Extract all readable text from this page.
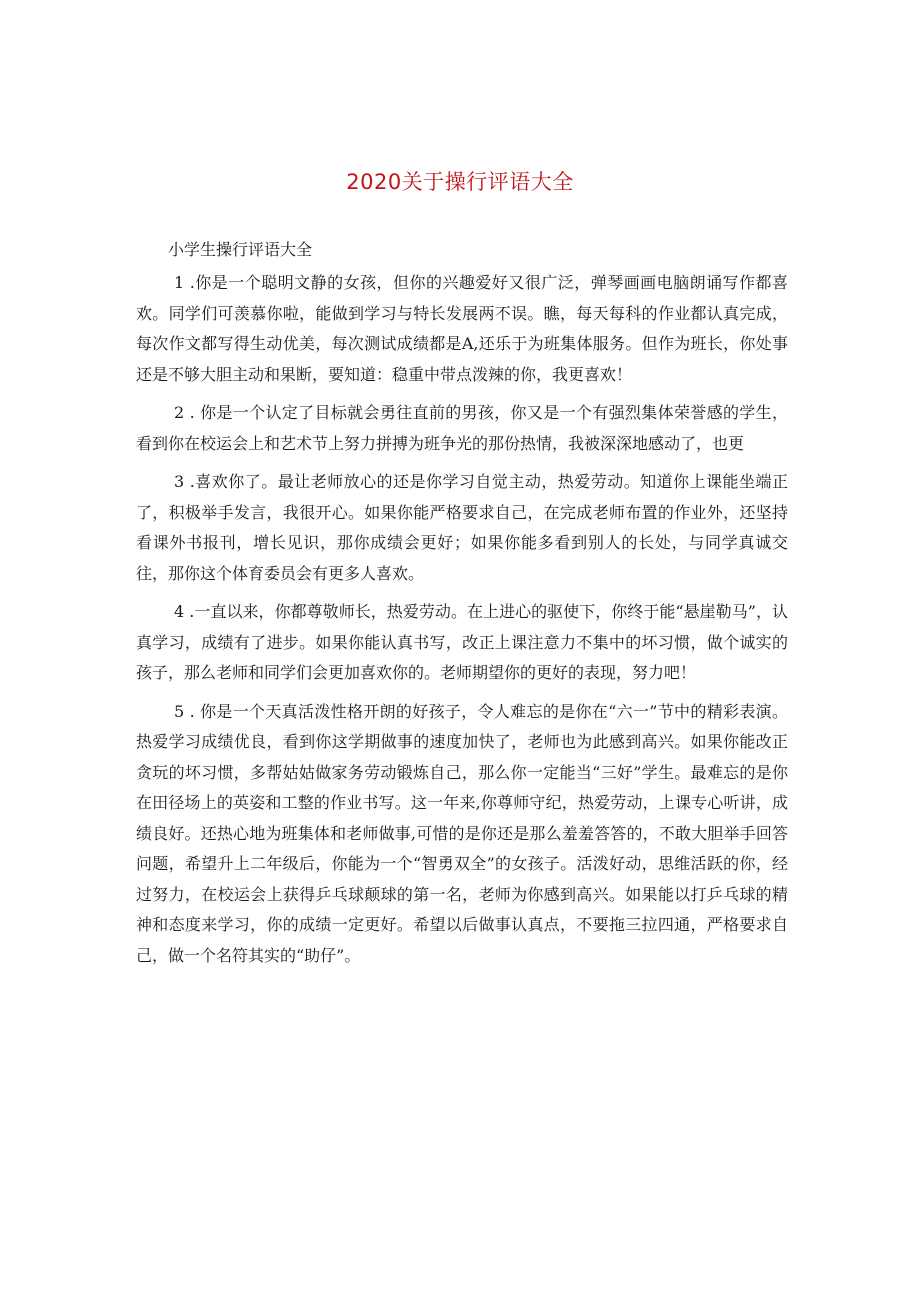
2020关于操行评语大全

小学生操行评语大全

1 .你是一个聪明文静的女孩，但你的兴趣爱好又很广泛，弹琴画画电脑朗诵写作都喜欢。同学们可羡慕你啦，能做到学习与特长发展两不误。瞧，每天每科的作业都认真完成，每次作文都写得生动优美，每次测试成绩都是A,还乐于为班集体服务。但作为班长，你处事还是不够大胆主动和果断，要知道：稳重中带点泼辣的你，我更喜欢！

2 . 你是一个认定了目标就会勇往直前的男孩，你又是一个有强烈集体荣誉感的学生，看到你在校运会上和艺术节上努力拼搏为班争光的那份热情，我被深深地感动了，也更

3 .喜欢你了。最让老师放心的还是你学习自觉主动，热爱劳动。知道你上课能坐端正了，积极举手发言，我很开心。如果你能严格要求自己，在完成老师布置的作业外，还坚持看课外书报刊，增长见识，那你成绩会更好；如果你能多看到别人的长处，与同学真诚交往，那你这个体育委员会有更多人喜欢。

4 .一直以来，你都尊敬师长，热爱劳动。在上进心的驱使下，你终于能“悬崖勒马”，认真学习，成绩有了进步。如果你能认真书写，改正上课注意力不集中的坏习惯，做个诚实的孩子，那么老师和同学们会更加喜欢你的。老师期望你的更好的表现，努力吧！

5 . 你是一个天真活泼性格开朗的好孩子，令人难忘的是你在“六一”节中的精彩表演。热爱学习成绩优良，看到你这学期做事的速度加快了，老师也为此感到高兴。如果你能改正贪玩的坏习惯，多帮姑姑做家务劳动锻炼自己，那么你一定能当“三好”学生。最难忘的是你在田径场上的英姿和工整的作业书写。这一年来,你尊师守纪，热爱劳动，上课专心听讲，成绩良好。还热心地为班集体和老师做事,可惜的是你还是那么羞羞答答的，不敢大胆举手回答问题，希望升上二年级后，你能为一个“智勇双全”的女孩子。活泼好动，思维活跃的你，经过努力，在校运会上获得乒乓球颠球的第一名，老师为你感到高兴。如果能以打乒乓球的精神和态度来学习，你的成绩一定更好。希望以后做事认真点，不要拖三拉四通，严格要求自己，做一个名符其实的“助仔”。
